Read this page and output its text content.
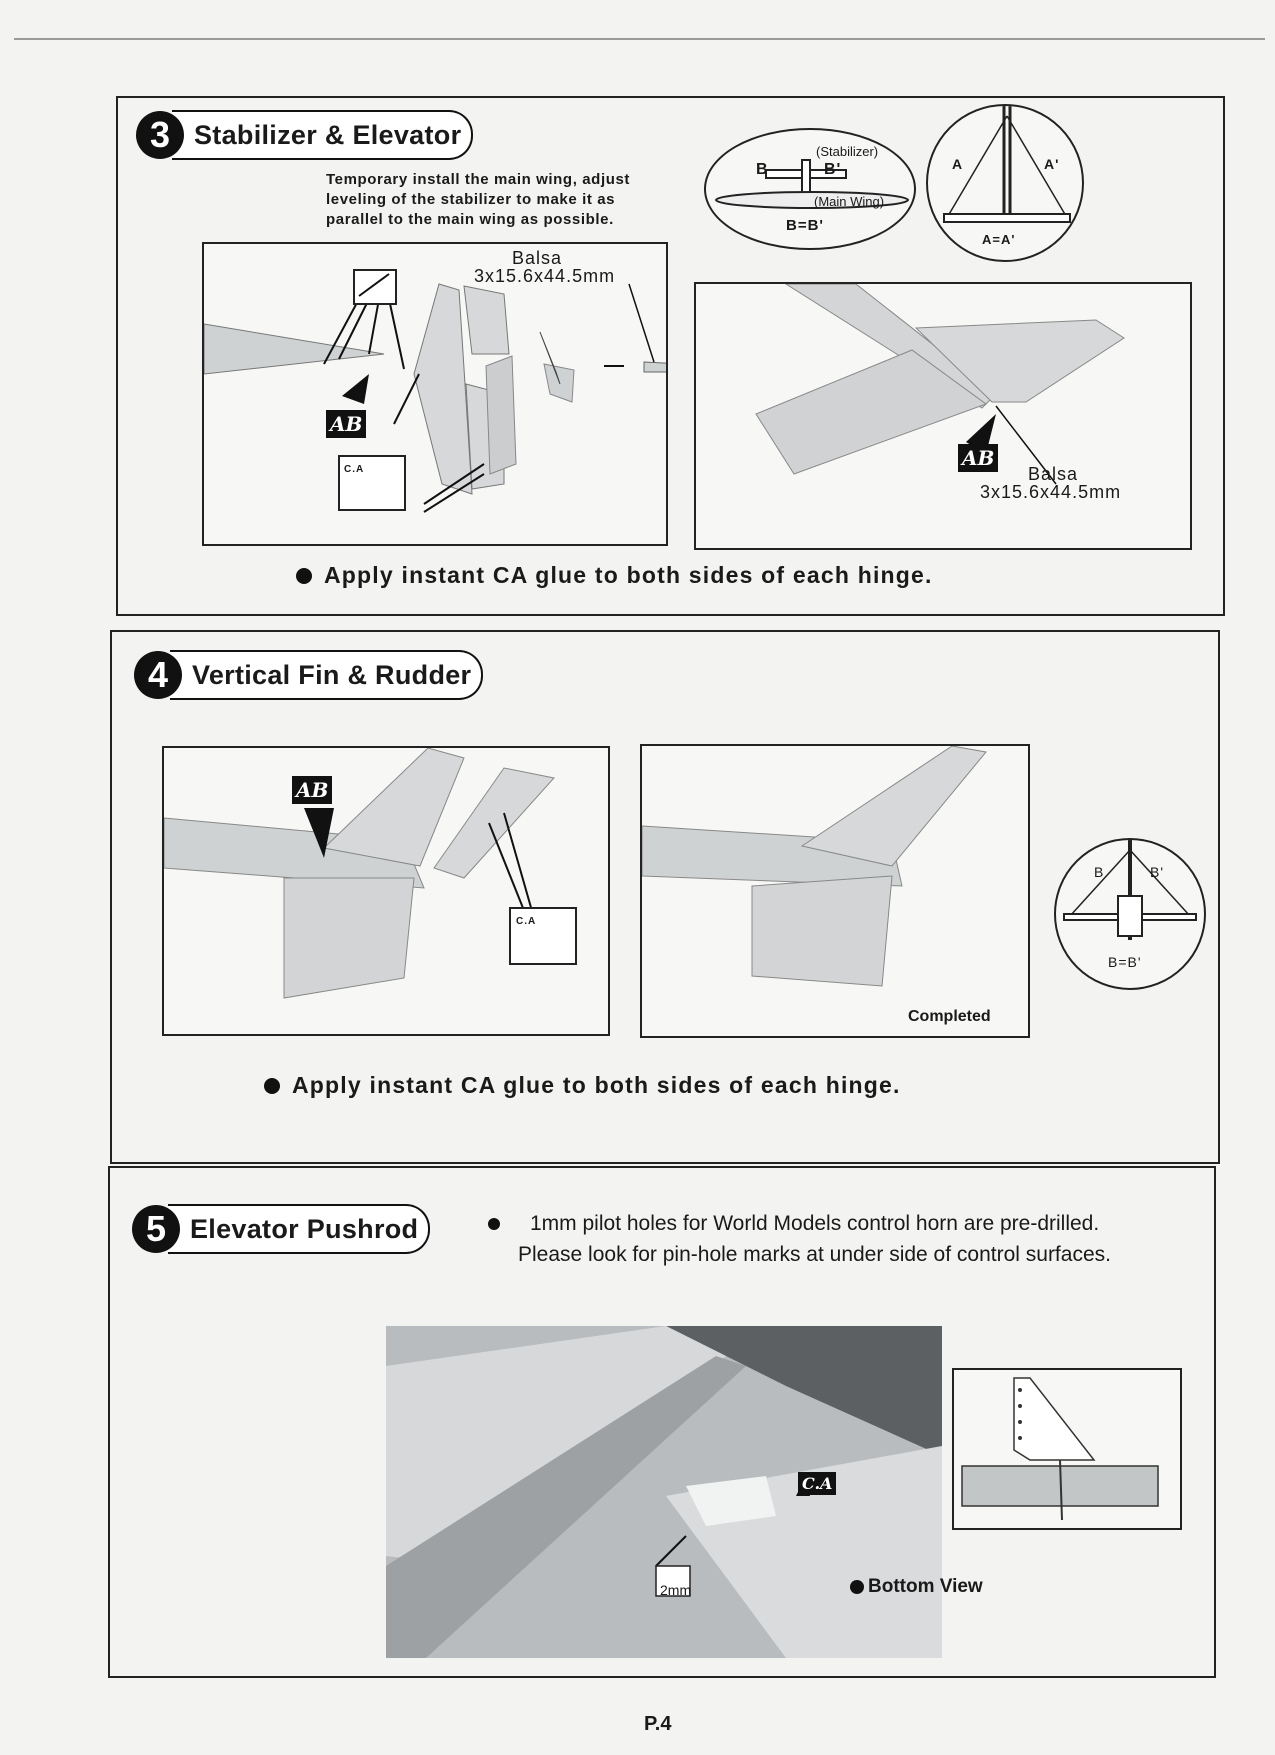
3 Stabilizer & Elevator
Temporary install the main wing, adjust
leveling of the stabilizer to make it as
parallel to the main wing as possible.
AB
Balsa
3x15.6x44.5mm
C.A
B	B'
(Stabilizer)
(Main Wing)
B=B'
A	A'
A=A'
AB
Balsa
3x15.6x44.5mm
Apply instant CA glue to both sides of each hinge.
4 Vertical Fin & Rudder
AB
C.A
Completed
B	B'
B=B'
Apply instant CA glue to both sides of each hinge.
5 Elevator Pushrod	1mm pilot holes for World Models control horn are pre-drilled.
Please look for pin-hole marks at under side of control surfaces.
C.A
2mm	Bottom View
P.4
